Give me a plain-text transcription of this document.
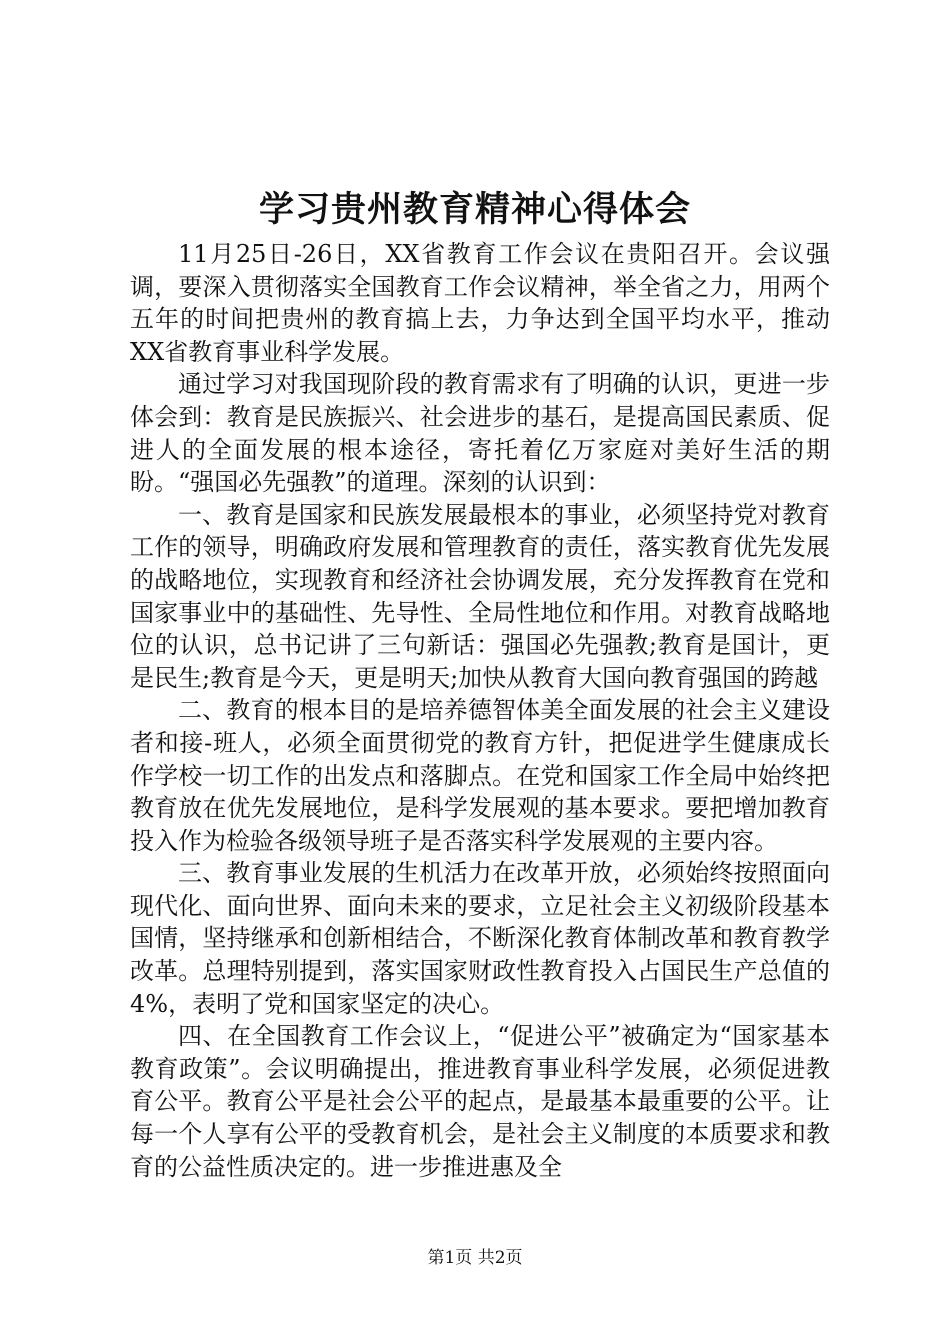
学习贵州教育精神心得体会

11月25日-26日，XX省教育工作会议在贵阳召开。会议强调，要深入贯彻落实全国教育工作会议精神，举全省之力，用两个五年的时间把贵州的教育搞上去，力争达到全国平均水平，推动XX省教育事业科学发展。

通过学习对我国现阶段的教育需求有了明确的认识，更进一步体会到：教育是民族振兴、社会进步的基石，是提高国民素质、促进人的全面发展的根本途径，寄托着亿万家庭对美好生活的期盼。“强国必先强教”的道理。深刻的认识到：

一、教育是国家和民族发展最根本的事业，必须坚持党对教育工作的领导，明确政府发展和管理教育的责任，落实教育优先发展的战略地位，实现教育和经济社会协调发展，充分发挥教育在党和国家事业中的基础性、先导性、全局性地位和作用。对教育战略地位的认识，总书记讲了三句新话：强国必先强教;教育是国计，更是民生;教育是今天，更是明天;加快从教育大国向教育强国的跨越

二、教育的根本目的是培养德智体美全面发展的社会主义建设者和接-班人，必须全面贯彻党的教育方针，把促进学生健康成长作学校一切工作的出发点和落脚点。在党和国家工作全局中始终把教育放在优先发展地位，是科学发展观的基本要求。要把增加教育投入作为检验各级领导班子是否落实科学发展观的主要内容。

三、教育事业发展的生机活力在改革开放，必须始终按照面向现代化、面向世界、面向未来的要求，立足社会主义初级阶段基本国情，坚持继承和创新相结合，不断深化教育体制改革和教育教学改革。总理特别提到，落实国家财政性教育投入占国民生产总值的4%，表明了党和国家坚定的决心。

四、在全国教育工作会议上，“促进公平”被确定为“国家基本教育政策”。会议明确提出，推进教育事业科学发展，必须促进教育公平。教育公平是社会公平的起点，是最基本最重要的公平。让每一个人享有公平的受教育机会，是社会主义制度的本质要求和教育的公益性质决定的。进一步推进惠及全

第1页 共2页
